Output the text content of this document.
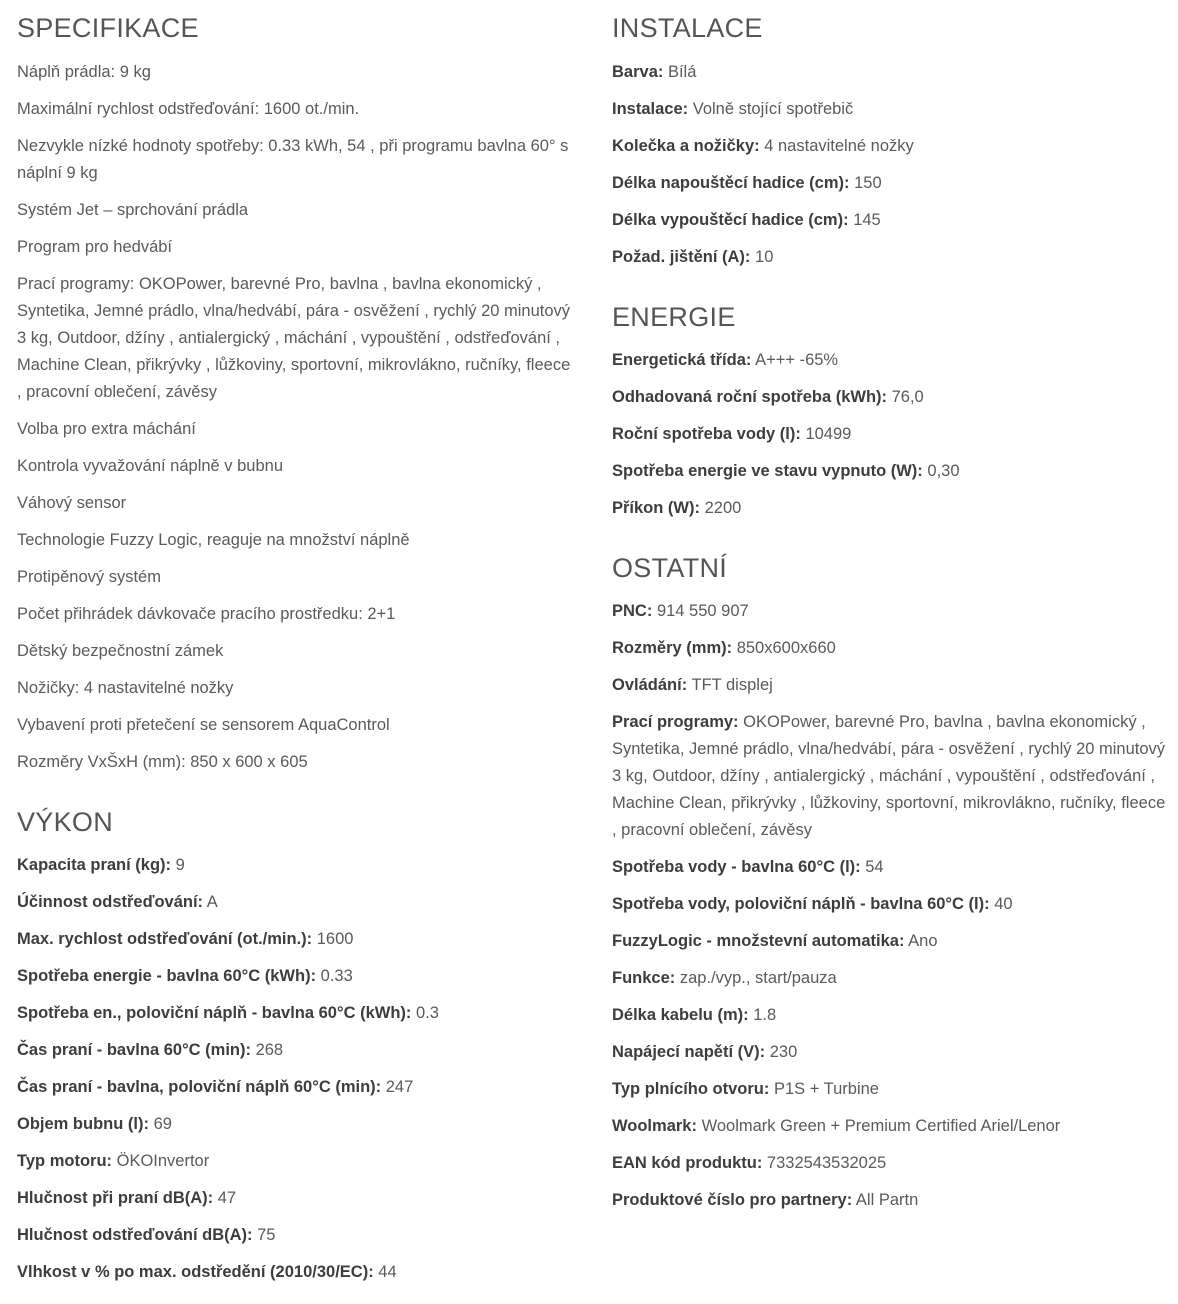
SPECIFIKACE
Náplň prádla: 9 kg
Maximální rychlost odstřeďování: 1600 ot./min.
Nezvykle nízké hodnoty spotřeby: 0.33 kWh, 54 , při programu bavlna 60° s náplní 9 kg
Systém Jet – sprchování prádla
Program pro hedvábí
Prací programy: OKOPower, barevné Pro, bavlna , bavlna ekonomický , Syntetika, Jemné prádlo, vlna/hedvábí, pára - osvěžení , rychlý 20 minutový 3 kg, Outdoor, džíny , antialergický , máchání , vypouštění , odstřeďování , Machine Clean, přikrývky , lůžkoviny, sportovní, mikrovlákno, ručníky, fleece , pracovní oblečení, závěsy
Volba pro extra máchání
Kontrola vyvažování náplně v bubnu
Váhový sensor
Technologie Fuzzy Logic, reaguje na množství náplně
Protipěnový systém
Počet přihrádek dávkovače pracího prostředku: 2+1
Dětský bezpečnostní zámek
Nožičky: 4 nastavitelné nožky
Vybavení proti přetečení se sensorem AquaControl
Rozměry VxŠxH (mm): 850 x 600 x 605
VÝKON
Kapacita praní (kg): 9
Účinnost odstřeďování: A
Max. rychlost odstřeďování (ot./min.): 1600
Spotřeba energie - bavlna 60°C (kWh): 0.33
Spotřeba en., poloviční náplň - bavlna 60°C (kWh): 0.3
Čas praní - bavlna 60°C (min): 268
Čas praní - bavlna, poloviční náplň 60°C (min): 247
Objem bubnu (l): 69
Typ motoru: ÖKOInvertor
Hlučnost při praní dB(A): 47
Hlučnost odstřeďování dB(A): 75
Vlhkost v % po max. odstředění (2010/30/EC): 44
INSTALACE
Barva: Bílá
Instalace: Volně stojící spotřebič
Kolečka a nožičky: 4 nastavitelné nožky
Délka napouštěcí hadice (cm): 150
Délka vypouštěcí hadice (cm): 145
Požad. jištění (A): 10
ENERGIE
Energetická třída: A+++ -65%
Odhadovaná roční spotřeba (kWh): 76,0
Roční spotřeba vody (l): 10499
Spotřeba energie ve stavu vypnuto (W): 0,30
Příkon (W): 2200
OSTATNÍ
PNC: 914 550 907
Rozměry (mm): 850x600x660
Ovládání: TFT displej
Prací programy: OKOPower, barevné Pro, bavlna , bavlna ekonomický , Syntetika, Jemné prádlo, vlna/hedvábí, pára - osvěžení , rychlý 20 minutový 3 kg, Outdoor, džíny , antialergický , máchání , vypouštění , odstřeďování , Machine Clean, přikrývky , lůžkoviny, sportovní, mikrovlákno, ručníky, fleece , pracovní oblečení, závěsy
Spotřeba vody - bavlna 60°C (l): 54
Spotřeba vody, poloviční náplň - bavlna 60°C (l): 40
FuzzyLogic - množstevní automatika: Ano
Funkce: zap./vyp., start/pauza
Délka kabelu (m): 1.8
Napájecí napětí (V): 230
Typ plnícího otvoru: P1S + Turbine
Woolmark: Woolmark Green + Premium Certified Ariel/Lenor
EAN kód produktu: 7332543532025
Produktové číslo pro partnery: All Partn
